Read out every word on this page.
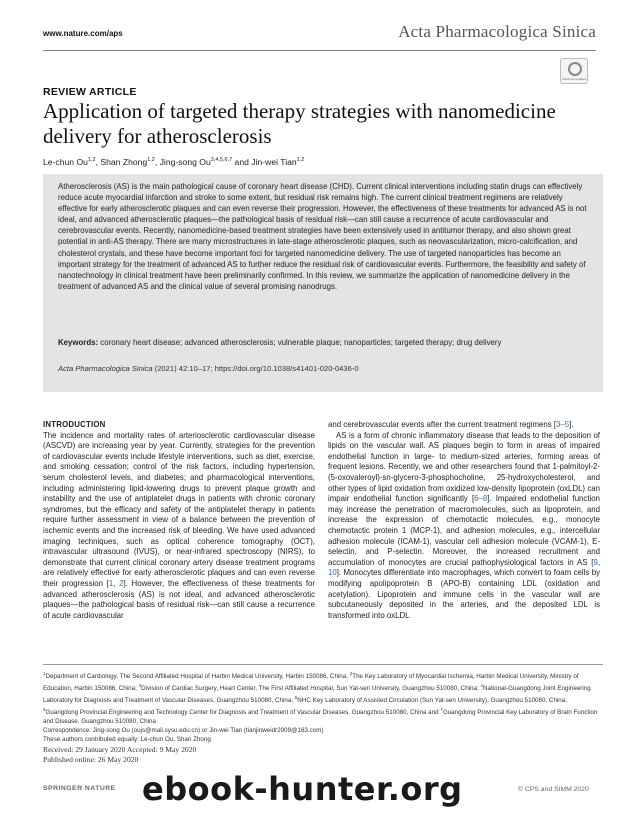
www.nature.com/aps	Acta Pharmacologica Sinica
Check for updates
REVIEW ARTICLE
Application of targeted therapy strategies with nanomedicine delivery for atherosclerosis
Le-chun Ou$^{1,2}$, Shan Zhong$^{1,2}$, Jing-song Ou$^{3,4,5,6,7}$ and Jin-wei Tian$^{1,2}$
Atherosclerosis (AS) is the main pathological cause of coronary heart disease (CHD). Current clinical interventions including statin drugs can effectively reduce acute myocardial infarction and stroke to some extent, but residual risk remains high. The current clinical treatment regimens are relatively effective for early atherosclerotic plaques and can even reverse their progression. However, the effectiveness of these treatments for advanced AS is not ideal, and advanced atherosclerotic plaques—the pathological basis of residual risk—can still cause a recurrence of acute cardiovascular and cerebrovascular events. Recently, nanomedicine-based treatment strategies have been extensively used in antitumor therapy, and also shown great potential in anti-AS therapy. There are many microstructures in late-stage atherosclerotic plaques, such as neovascularization, micro-calcification, and cholesterol crystals, and these have become important foci for targeted nanomedicine delivery. The use of targeted nanoparticles has become an important strategy for the treatment of advanced AS to further reduce the residual risk of cardiovascular events. Furthermore, the feasibility and safety of nanotechnology in clinical treatment have been preliminarily confirmed. In this review, we summarize the application of nanomedicine delivery in the treatment of advanced AS and the clinical value of several promising nanodrugs.
Keywords: coronary heart disease; advanced atherosclerosis; vulnerable plaque; nanoparticles; targeted therapy; drug delivery
Acta Pharmacologica Sinica (2021) 42:10–17; https://doi.org/10.1038/s41401-020-0436-0
INTRODUCTION

The incidence and mortality rates of arteriosclerotic cardiovascular disease (ASCVD) are increasing year by year. Currently, strategies for the prevention of cardiovascular events include lifestyle interventions, such as diet, exercise, and smoking cessation; control of the risk factors, including hypertension, serum cholesterol levels, and diabetes; and pharmacological interventions, including administering lipid-lowering drugs to prevent plaque growth and instability and the use of antiplatelet drugs in patients with chronic coronary syndromes, but the efficacy and safety of the antiplatelet therapy in patients require further assessment in view of a balance between the prevention of ischemic events and the increased risk of bleeding. We have used advanced imaging techniques, such as optical coherence tomography (OCT), intravascular ultrasound (IVUS), or near-infrared spectroscopy (NIRS), to demonstrate that current clinical coronary artery disease treatment programs are relatively effective for early atherosclerotic plaques and can even reverse their progression [1, 2]. However, the effectiveness of these treatments for advanced atherosclerosis (AS) is not ideal, and advanced atherosclerotic plaques—the pathological basis of residual risk—can still cause a recurrence of acute cardiovascular

and cerebrovascular events after the current treatment regimens [3–5].

AS is a form of chronic inflammatory disease that leads to the deposition of lipids on the vascular wall. AS plaques begin to form in areas of impaired endothelial function in large- to medium-sized arteries, forming areas of frequent lesions. Recently, we and other researchers found that 1-palmitoyl-2-(5-oxovaleroyl)-sn-glycero-3-phosphocholine, 25-hydroxycholesterol, and other types of lipid oxidation from oxidized low-density lipoprotein (oxLDL) can impair endothelial function significantly [6–8]. Impaired endothelial function may increase the penetration of macromolecules, such as lipoprotein, and increase the expression of chemotactic molecules, e.g., monocyte chemotactic protein 1 (MCP-1), and adhesion molecules, e.g., intercellular adhesion molecule (ICAM-1), vascular cell adhesion molecule (VCAM-1), E-selectin, and P-selectin. Moreover, the increased recruitment and accumulation of monocytes are crucial pathophysiological factors in AS [9, 10]. Monocytes differentiate into macrophages, which convert to foam cells by modifying apolipoprotein B (APO-B) containing LDL (oxidation and acetylation). Lipoprotein and immune cells in the vascular wall are subcutaneously deposited in the arteries, and the deposited LDL is transformed into oxLDL

$^1$Department of Cardiology, The Second Affiliated Hospital of Harbin Medical University, Harbin 150086, China; $^2$The Key Laboratory of Myocardial Ischemia, Harbin Medical University, Ministry of Education, Harbin 150086, China; $^3$Division of Cardiac Surgery, Heart Center, The First Affiliated Hospital, Sun Yat-sen University, Guangzhou 510080, China; $^4$National-Guangdong Joint Engineering Laboratory for Diagnosis and Treatment of Vascular Diseases, Guangzhou 510080, China; $^5$NHC Key Laboratory of Assisted Circulation (Sun Yat-sen University), Guangzhou 510080, China; $^6$Guangdong Provincial Engineering and Technology Center for Diagnosis and Treatment of Vascular Diseases, Guangzhou 510080, China and $^7$Guangdong Provincial Key Laboratory of Brain Function and Disease, Guangzhou 510080, China
Correspondence: Jing-song Ou (oujs@mail.sysu.edu.cn) or Jin-wei Tian (tianjinweidr2009@163.com)
These authors contributed equally: Le-chun Ou, Shan Zhong
Received: 29 January 2020 Accepted: 9 May 2020
Published online: 26 May 2020
SPRINGER NATURE	© CPS and SIMM 2020
ebook-hunter.org
